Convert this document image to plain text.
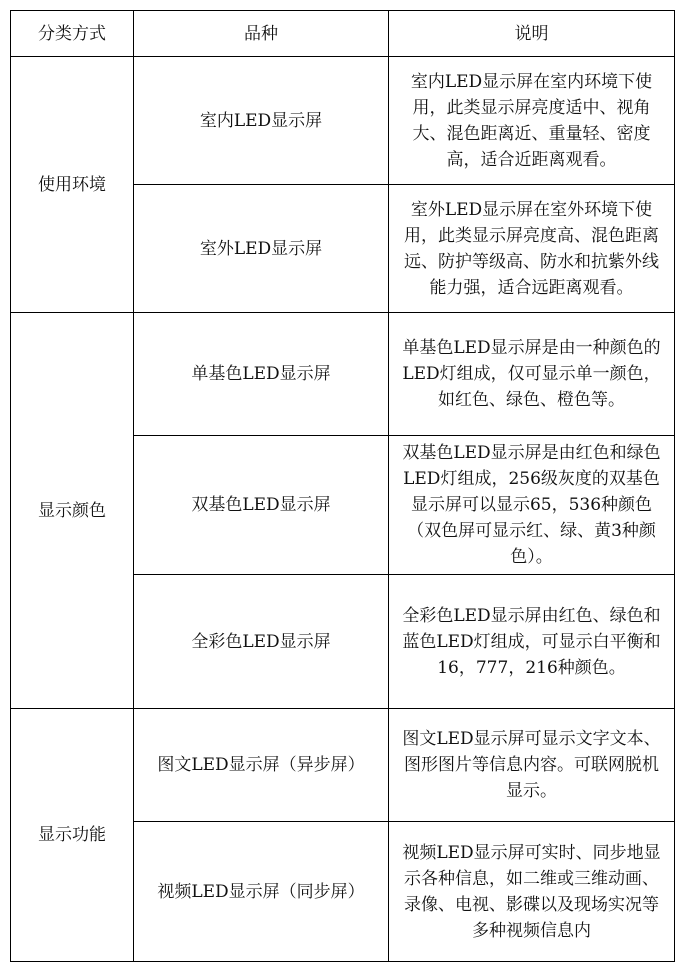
分类方式	品种	说明
使用环境	室内LED显示屏	室内LED显示屏在室内环境下使用，此类显示屏亮度适中、视角大、混色距离近、重量轻、密度高，适合近距离观看。
	室外LED显示屏	室外LED显示屏在室外环境下使用，此类显示屏亮度高、混色距离远、防护等级高、防水和抗紫外线能力强，适合远距离观看。
显示颜色	单基色LED显示屏	单基色LED显示屏是由一种颜色的LED灯组成，仅可显示单一颜色，如红色、绿色、橙色等。
	双基色LED显示屏	双基色LED显示屏是由红色和绿色LED灯组成，256级灰度的双基色显示屏可以显示65，536种颜色（双色屏可显示红、绿、黄3种颜色）。
	全彩色LED显示屏	全彩色LED显示屏由红色、绿色和蓝色LED灯组成，可显示白平衡和16，777，216种颜色。
显示功能	图文LED显示屏（异步屏）	图文LED显示屏可显示文字文本、图形图片等信息内容。可联网脱机显示。
	视频LED显示屏（同步屏）	视频LED显示屏可实时、同步地显示各种信息，如二维或三维动画、录像、电视、影碟以及现场实况等多种视频信息内
